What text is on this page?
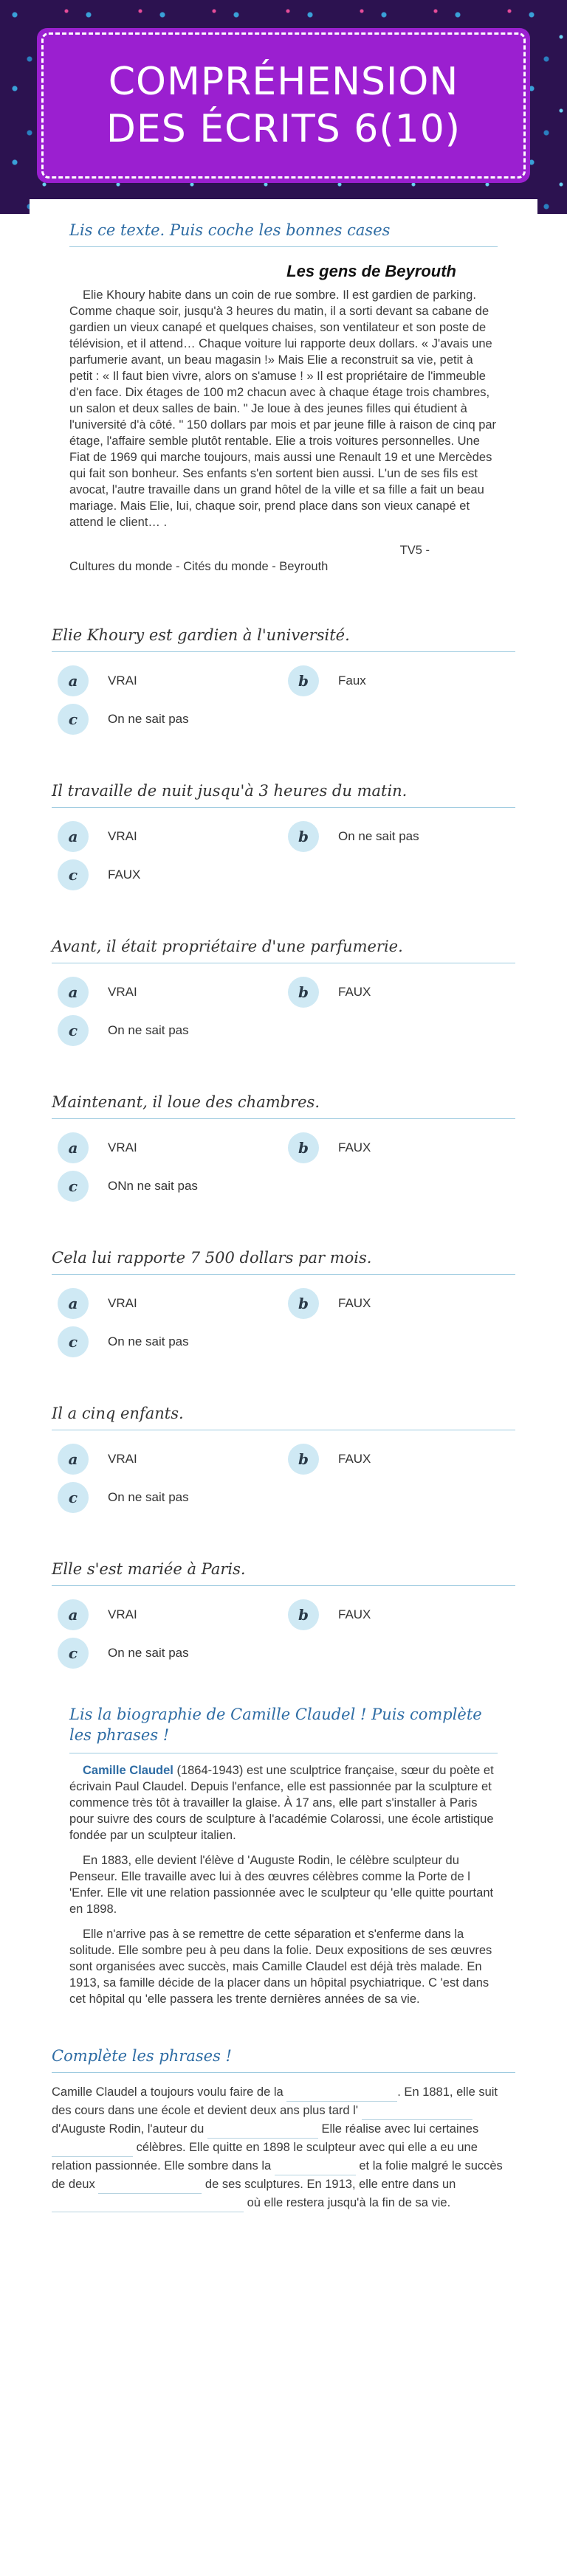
COMPRÉHENSION DES ÉCRITS 6(10)
Lis ce texte. Puis coche les bonnes cases
Les gens de Beyrouth

Elie Khoury habite dans un coin de rue sombre. Il est gardien de parking. Comme chaque soir, jusqu'à 3 heures du matin, il a sorti devant sa cabane de gardien un vieux canapé et quelques chaises, son ventilateur et son poste de télévision, et il attend… Chaque voiture lui rapporte deux dollars. « J'avais une parfumerie avant, un beau magasin !» Mais Elie a reconstruit sa vie, petit à petit : « Il faut bien vivre, alors on s'amuse ! » Il est propriétaire de l'immeuble d'en face. Dix étages de 100 m2 chacun avec à chaque étage trois chambres, un salon et deux salles de bain. " Je loue à des jeunes filles qui étudient à l'université d'à côté. " 150 dollars par mois et par jeune fille à raison de cinq par étage, l'affaire semble plutôt rentable. Elie a trois voitures personnelles. Une Fiat de 1969 qui marche toujours, mais aussi une Renault 19 et une Mercèdes qui fait son bonheur. Ses enfants s'en sortent bien aussi. L'un de ses fils est avocat, l'autre travaille dans un grand hôtel de la ville et sa fille a fait un beau mariage. Mais Elie, lui, chaque soir, prend place dans son vieux canapé et attend le client… .

TV5 -
Cultures du monde - Cités du monde - Beyrouth
Elie Khoury est gardien à l'université.
a	VRAI	b	Faux
c	On ne sait pas
Il travaille de nuit jusqu'à 3 heures du matin.
a	VRAI	b	On ne sait pas
c	FAUX
Avant, il était propriétaire d'une parfumerie.
a	VRAI	b	FAUX
c	On ne sait pas
Maintenant, il loue des chambres.
a	VRAI	b	FAUX
c	ONn ne sait pas
Cela lui rapporte 7 500 dollars par mois.
a	VRAI	b	FAUX
c	On ne sait pas
Il a cinq enfants.
a	VRAI	b	FAUX
c	On ne sait pas
Elle s'est mariée à Paris.
a	VRAI	b	FAUX
c	On ne sait pas
Lis la biographie de Camille Claudel ! Puis complète les phrases !

Camille Claudel (1864-1943) est une sculptrice française, sœur du poète et écrivain Paul Claudel. Depuis l'enfance, elle est passionnée par la sculpture et commence très tôt à travailler la glaise. À 17 ans, elle part s'installer à Paris pour suivre des cours de sculpture à l'académie Colarossi, une école artistique fondée par un sculpteur italien.

En 1883, elle devient l'élève d 'Auguste Rodin, le célèbre sculpteur du Penseur. Elle travaille avec lui à des œuvres célèbres comme la Porte de l 'Enfer. Elle vit une relation passionnée avec le sculpteur qu 'elle quitte pourtant en 1898.

Elle n'arrive pas à se remettre de cette séparation et s'enferme dans la solitude. Elle sombre peu à peu dans la folie. Deux expositions de ses œuvres sont organisées avec succès, mais Camille Claudel est déjà très malade. En 1913, sa famille décide de la placer dans un hôpital psychiatrique. C 'est dans cet hôpital qu 'elle passera les trente dernières années de sa vie.

Complète les phrases !
Camille Claudel a toujours voulu faire de la	. En 1881, elle suit des cours dans une école et devient deux ans plus tard l'  d'Auguste Rodin, l'auteur du	Elle réalise avec lui certaines  célèbres. Elle quitte en 1898 le sculpteur avec qui elle a eu une relation passionnée. Elle sombre dans la	et la folie malgré le succès de deux	de ses sculptures. En 1913, elle entre dans un  où elle restera jusqu'à la fin de sa vie.
